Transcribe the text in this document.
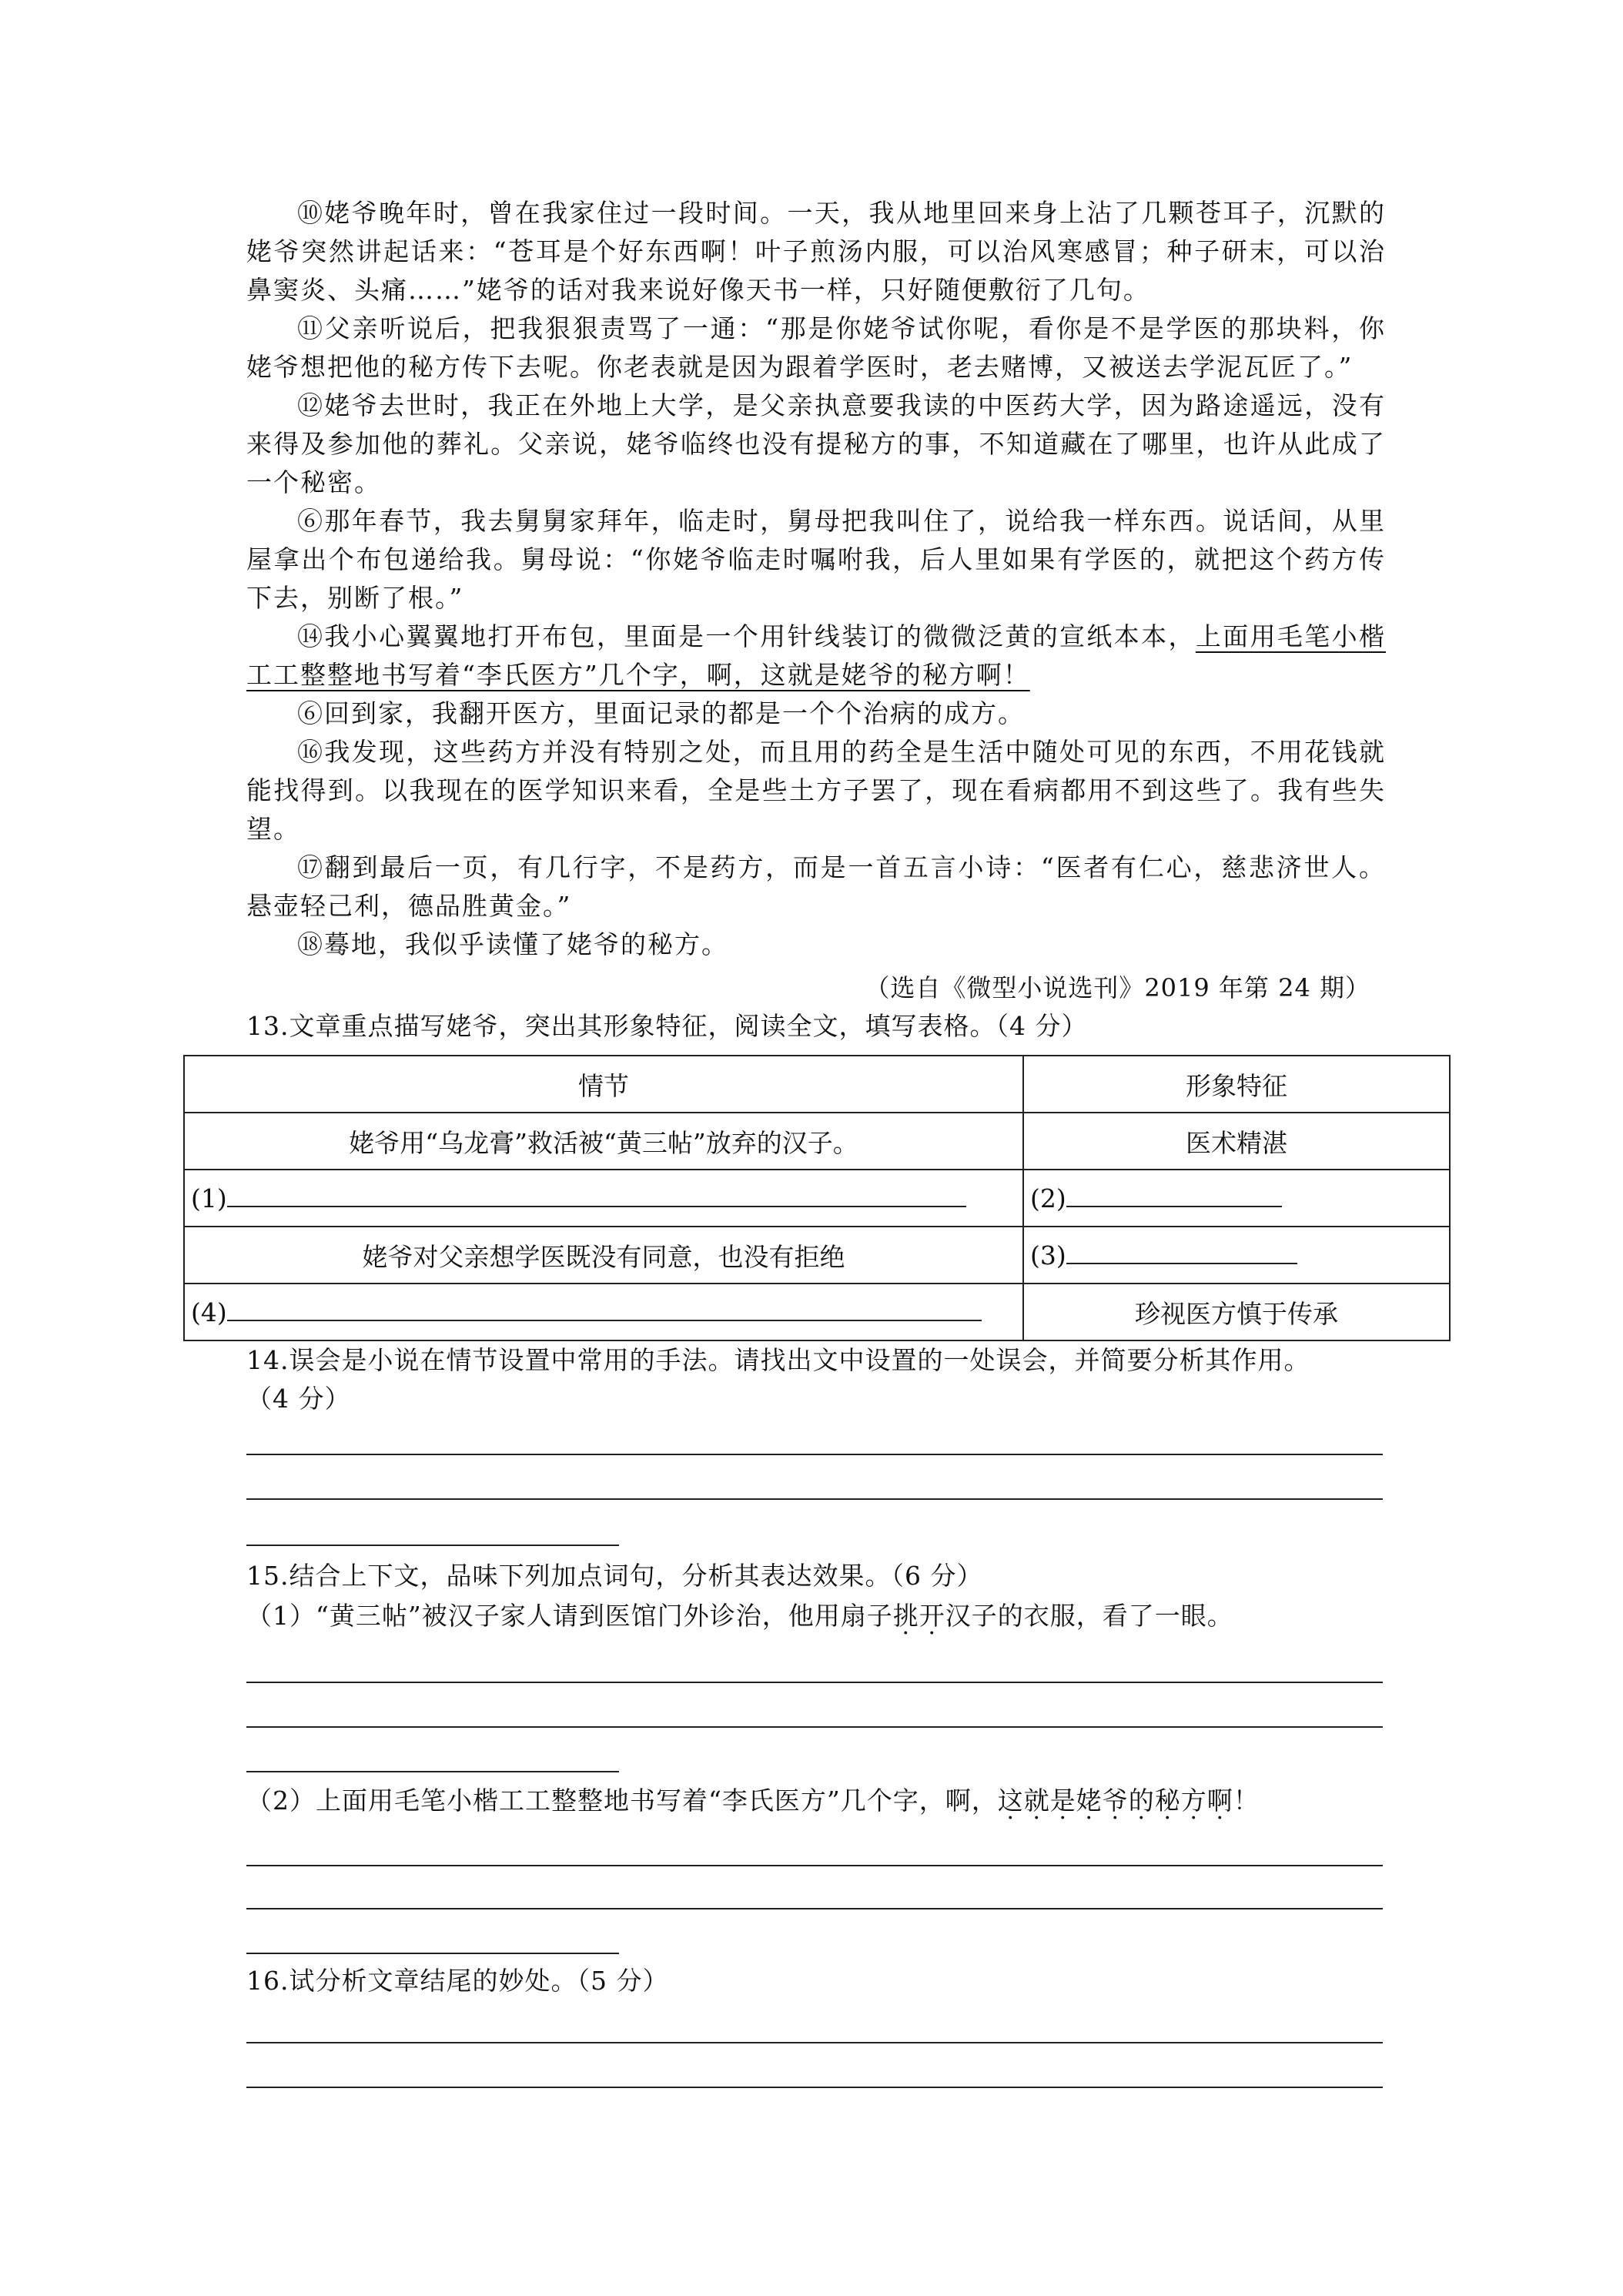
⑩姥爷晚年时，曾在我家住过一段时间。一天，我从地里回来身上沾了几颗苍耳子，沉默的姥爷突然讲起话来：“苍耳是个好东西啊！叶子煎汤内服，可以治风寒感冒；种子研末，可以治鼻窦炎、头痛……”姥爷的话对我来说好像天书一样，只好随便敷衍了几句。

⑪父亲听说后，把我狠狠责骂了一通：“那是你姥爷试你呢，看你是不是学医的那块料，你姥爷想把他的秘方传下去呢。你老表就是因为跟着学医时，老去赌博，又被送去学泥瓦匠了。”

⑫姥爷去世时，我正在外地上大学，是父亲执意要我读的中医药大学，因为路途遥远，没有来得及参加他的葬礼。父亲说，姥爷临终也没有提秘方的事，不知道藏在了哪里，也许从此成了一个秘密。

⑥那年春节，我去舅舅家拜年，临走时，舅母把我叫住了，说给我一样东西。说话间，从里屋拿出个布包递给我。舅母说：“你姥爷临走时嘱咐我，后人里如果有学医的，就把这个药方传下去，别断了根。”

⑭我小心翼翼地打开布包，里面是一个用针线装订的微微泛黄的宣纸本本，上面用毛笔小楷工工整整地书写着“李氏医方”几个字，啊，这就是姥爷的秘方啊！

⑥回到家，我翻开医方，里面记录的都是一个个治病的成方。

⑯我发现，这些药方并没有特别之处，而且用的药全是生活中随处可见的东西，不用花钱就能找得到。以我现在的医学知识来看，全是些土方子罢了，现在看病都用不到这些了。我有些失望。

⑰翻到最后一页，有几行字，不是药方，而是一首五言小诗：“医者有仁心，慈悲济世人。悬壶轻己利，德品胜黄金。”

⑱蓦地，我似乎读懂了姥爷的秘方。

（选自《微型小说选刊》2019 年第 24 期）

13.文章重点描写姥爷，突出其形象特征，阅读全文，填写表格。（4 分）

情节	形象特征
姥爷用“乌龙膏”救活被“黄三帖”放弃的汉子。	医术精湛
(1)	(2)
姥爷对父亲想学医既没有同意，也没有拒绝	(3)
(4)	珍视医方慎于传承

14.误会是小说在情节设置中常用的手法。请找出文中设置的一处误会，并简要分析其作用。
（4 分）

15.结合上下文，品味下列加点词句，分析其表达效果。（6 分）

（1）“黄三帖”被汉子家人请到医馆门外诊治，他用扇子挑开汉子的衣服，看了一眼。

（2）上面用毛笔小楷工工整整地书写着“李氏医方”几个字，啊，这就是姥爷的秘方啊！

16.试分析文章结尾的妙处。（5 分）
